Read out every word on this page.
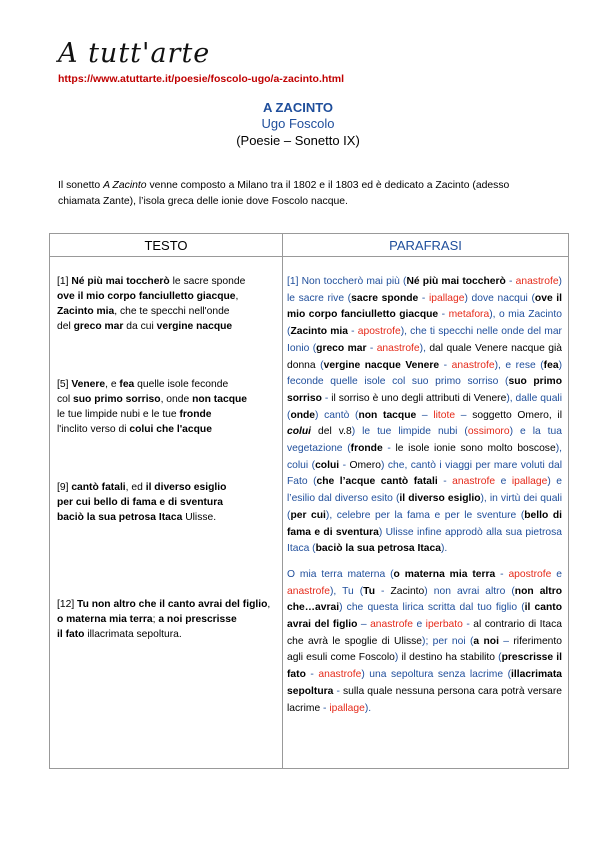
A tutt'arte
https://www.atuttarte.it/poesie/foscolo-ugo/a-zacinto.html
A ZACINTO
Ugo Foscolo
(Poesie – Sonetto IX)
Il sonetto A Zacinto venne composto a Milano tra il 1802 e il 1803 ed è dedicato a Zacinto (adesso chiamata Zante), l’isola greca delle ionie dove Foscolo nacque.
TESTO	PARAFRASI
[1] Né più mai toccherò le sacre sponde
ove il mio corpo fanciulletto giacque,
Zacinto mia, che te specchi nell'onde
del greco mar da cui vergine nacque
[5] Venere, e fea quelle isole feconde
col suo primo sorriso, onde non tacque
le tue limpide nubi e le tue fronde
l'inclito verso di colui che l'acque
[9] cantò fatali, ed il diverso esiglio
per cui bello di fama e di sventura
baciò la sua petrosa Itaca Ulisse.
[12] Tu non altro che il canto avrai del figlio,
o materna mia terra; a noi prescrisse
il fato illacrimata sepoltura.

[1] Non toccherò mai più (Né più mai toccherò - anastrofe) le sacre rive (sacre sponde - ipallage) dove nacqui (ove il mio corpo fanciulletto giacque - metafora), o mia Zacinto (Zacinto mia - apostrofe), che ti specchi nelle onde del mar Ionio (greco mar - anastrofe), dal quale Venere nacque già donna (vergine nacque Venere - anastrofe), e rese (fea) feconde quelle isole col suo primo sorriso (suo primo sorriso - il sorriso è uno degli attributi di Venere), dalle quali (onde) cantò (non tacque – litote – soggetto Omero, il colui del v.8) le tue limpide nubi (ossimoro) e la tua vegetazione (fronde - le isole ionie sono molto boscose), colui (colui - Omero) che, cantò i viaggi per mare voluti dal Fato (che l’acque cantò fatali - anastrofe e ipallage) e l’esilio dal diverso esito (il diverso esiglio), in virtù dei quali (per cui), celebre per la fama e per le sventure (bello di fama e di sventura) Ulisse infine approdò alla sua pietrosa Itaca (baciò la sua petrosa Itaca).

O mia terra materna (o materna mia terra - apostrofe e anastrofe), Tu (Tu - Zacinto) non avrai altro (non altro che…avrai) che questa lirica scritta dal tuo figlio (il canto avrai del figlio – anastrofe e iperbato - al contrario di Itaca che avrà le spoglie di Ulisse); per noi (a noi – riferimento agli esuli come Foscolo) il destino ha stabilito (prescrisse il fato - anastrofe) una sepoltura senza lacrime (illacrimata sepoltura - sulla quale nessuna persona cara potrà versare lacrime - ipallage).
